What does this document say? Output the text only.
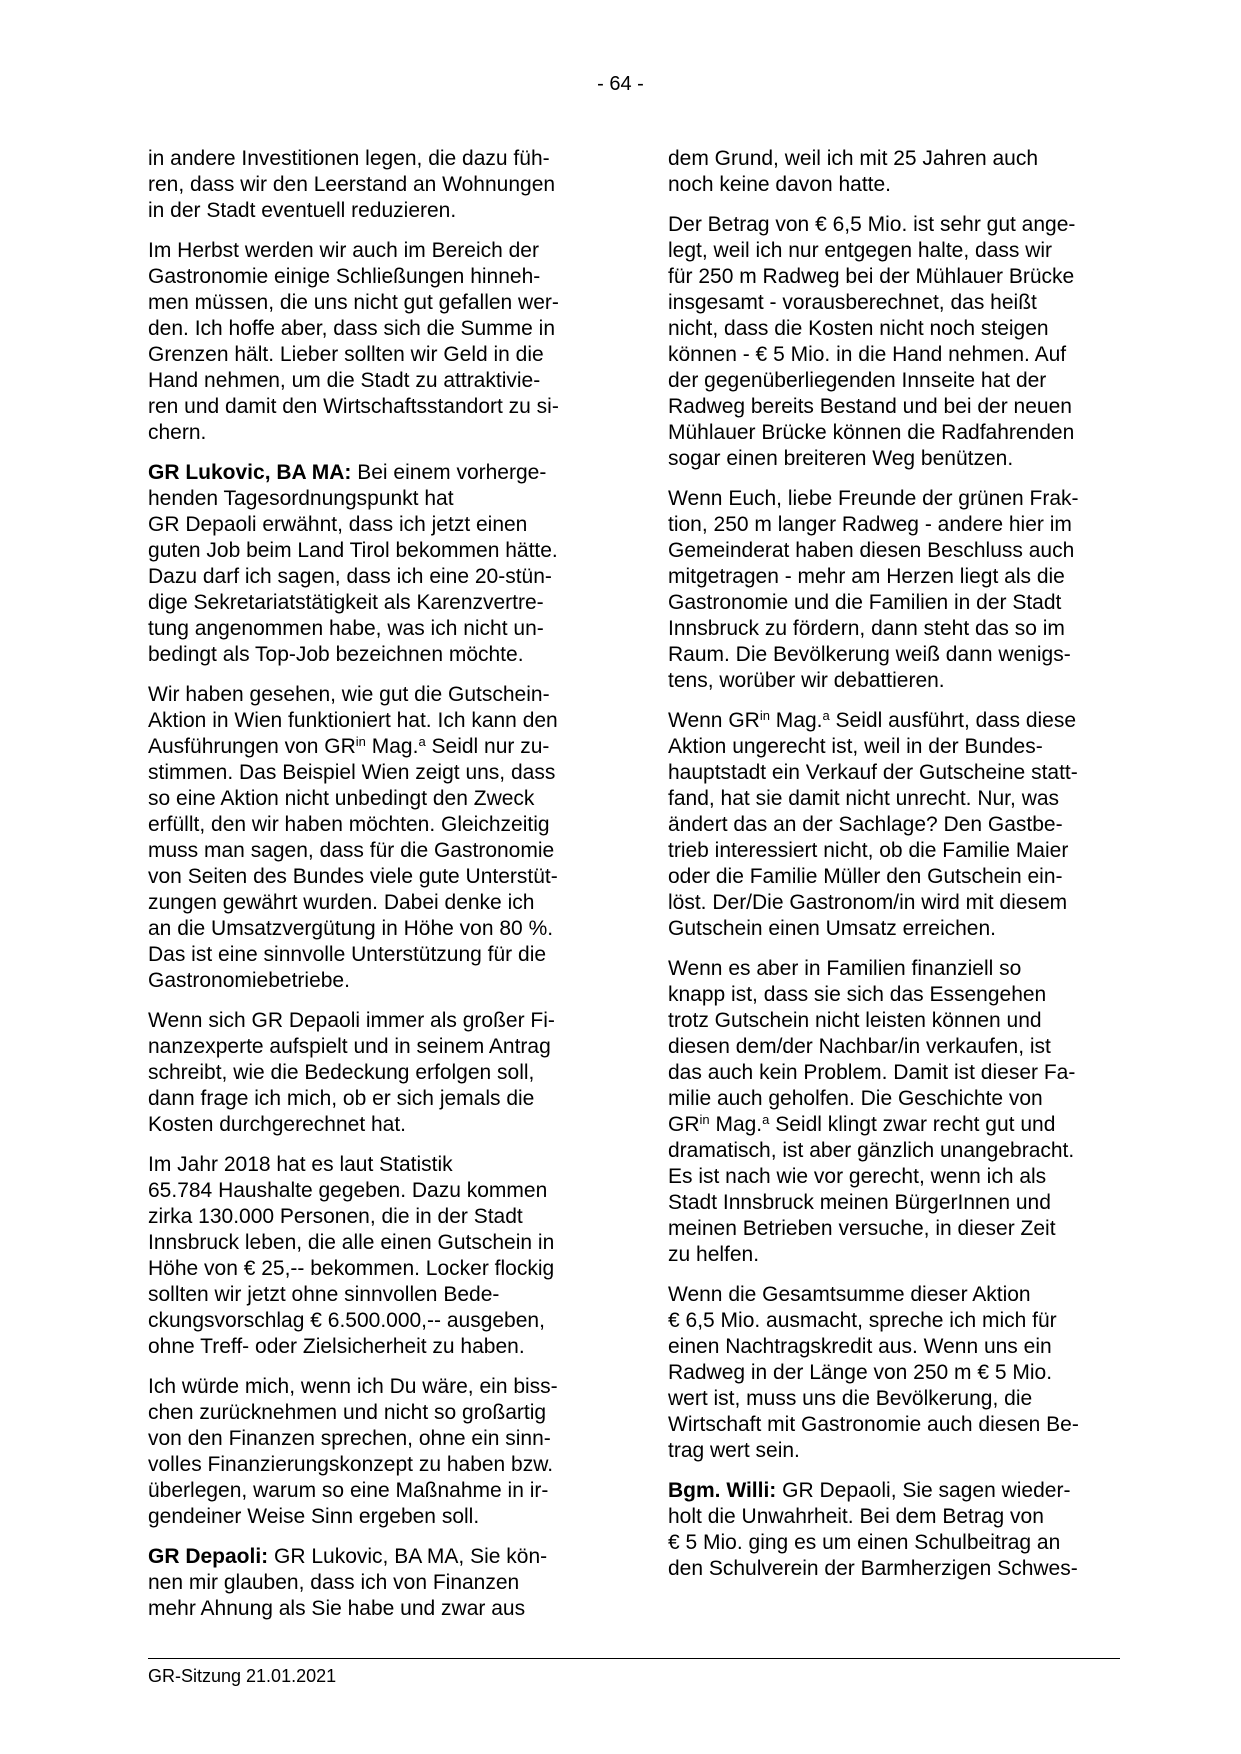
- 64 -

in andere Investitionen legen, die dazu füh-
ren, dass wir den Leerstand an Wohnungen
in der Stadt eventuell reduzieren.

Im Herbst werden wir auch im Bereich der
Gastronomie einige Schließungen hinneh-
men müssen, die uns nicht gut gefallen wer-
den. Ich hoffe aber, dass sich die Summe in
Grenzen hält. Lieber sollten wir Geld in die
Hand nehmen, um die Stadt zu attraktivie-
ren und damit den Wirtschaftsstandort zu si-
chern.

GR Lukovic, BA MA: Bei einem vorherge-
henden Tagesordnungspunkt hat
GR Depaoli erwähnt, dass ich jetzt einen
guten Job beim Land Tirol bekommen hätte.
Dazu darf ich sagen, dass ich eine 20-stün-
dige Sekretariatstätigkeit als Karenzvertre-
tung angenommen habe, was ich nicht un-
bedingt als Top-Job bezeichnen möchte.

Wir haben gesehen, wie gut die Gutschein-
Aktion in Wien funktioniert hat. Ich kann den
Ausführungen von $GR^{in}$ Mag.$^a$ Seidl nur zu-
stimmen. Das Beispiel Wien zeigt uns, dass
so eine Aktion nicht unbedingt den Zweck
erfüllt, den wir haben möchten. Gleichzeitig
muss man sagen, dass für die Gastronomie
von Seiten des Bundes viele gute Unterstüt-
zungen gewährt wurden. Dabei denke ich
an die Umsatzvergütung in Höhe von 80 %.
Das ist eine sinnvolle Unterstützung für die
Gastronomiebetriebe.

Wenn sich GR Depaoli immer als großer Fi-
nanzexperte aufspielt und in seinem Antrag
schreibt, wie die Bedeckung erfolgen soll,
dann frage ich mich, ob er sich jemals die
Kosten durchgerechnet hat.

Im Jahr 2018 hat es laut Statistik
65.784 Haushalte gegeben. Dazu kommen
zirka 130.000 Personen, die in der Stadt
Innsbruck leben, die alle einen Gutschein in
Höhe von € 25,-- bekommen. Locker flockig
sollten wir jetzt ohne sinnvollen Bede-
ckungsvorschlag € 6.500.000,-- ausgeben,
ohne Treff- oder Zielsicherheit zu haben.

Ich würde mich, wenn ich Du wäre, ein biss-
chen zurücknehmen und nicht so großartig
von den Finanzen sprechen, ohne ein sinn-
volles Finanzierungskonzept zu haben bzw.
überlegen, warum so eine Maßnahme in ir-
gendeiner Weise Sinn ergeben soll.

GR Depaoli: GR Lukovic, BA MA, Sie kön-
nen mir glauben, dass ich von Finanzen
mehr Ahnung als Sie habe und zwar aus

dem Grund, weil ich mit 25 Jahren auch
noch keine davon hatte.

Der Betrag von € 6,5 Mio. ist sehr gut ange-
legt, weil ich nur entgegen halte, dass wir
für 250 m Radweg bei der Mühlauer Brücke
insgesamt - vorausberechnet, das heißt
nicht, dass die Kosten nicht noch steigen
können - € 5 Mio. in die Hand nehmen. Auf
der gegenüberliegenden Innseite hat der
Radweg bereits Bestand und bei der neuen
Mühlauer Brücke können die Radfahrenden
sogar einen breiteren Weg benützen.

Wenn Euch, liebe Freunde der grünen Frak-
tion, 250 m langer Radweg - andere hier im
Gemeinderat haben diesen Beschluss auch
mitgetragen - mehr am Herzen liegt als die
Gastronomie und die Familien in der Stadt
Innsbruck zu fördern, dann steht das so im
Raum. Die Bevölkerung weiß dann wenigs-
tens, worüber wir debattieren.

Wenn $GR^{in}$ Mag.$^a$ Seidl ausführt, dass diese
Aktion ungerecht ist, weil in der Bundes-
hauptstadt ein Verkauf der Gutscheine statt-
fand, hat sie damit nicht unrecht. Nur, was
ändert das an der Sachlage? Den Gastbe-
trieb interessiert nicht, ob die Familie Maier
oder die Familie Müller den Gutschein ein-
löst. Der/Die Gastronom/in wird mit diesem
Gutschein einen Umsatz erreichen.

Wenn es aber in Familien finanziell so
knapp ist, dass sie sich das Essengehen
trotz Gutschein nicht leisten können und
diesen dem/der Nachbar/in verkaufen, ist
das auch kein Problem. Damit ist dieser Fa-
milie auch geholfen. Die Geschichte von
$GR^{in}$ Mag.$^a$ Seidl klingt zwar recht gut und
dramatisch, ist aber gänzlich unangebracht.
Es ist nach wie vor gerecht, wenn ich als
Stadt Innsbruck meinen BürgerInnen und
meinen Betrieben versuche, in dieser Zeit
zu helfen.

Wenn die Gesamtsumme dieser Aktion
€ 6,5 Mio. ausmacht, spreche ich mich für
einen Nachtragskredit aus. Wenn uns ein
Radweg in der Länge von 250 m € 5 Mio.
wert ist, muss uns die Bevölkerung, die
Wirtschaft mit Gastronomie auch diesen Be-
trag wert sein.

Bgm. Willi: GR Depaoli, Sie sagen wieder-
holt die Unwahrheit. Bei dem Betrag von
€ 5 Mio. ging es um einen Schulbeitrag an
den Schulverein der Barmherzigen Schwes-

GR-Sitzung 21.01.2021
